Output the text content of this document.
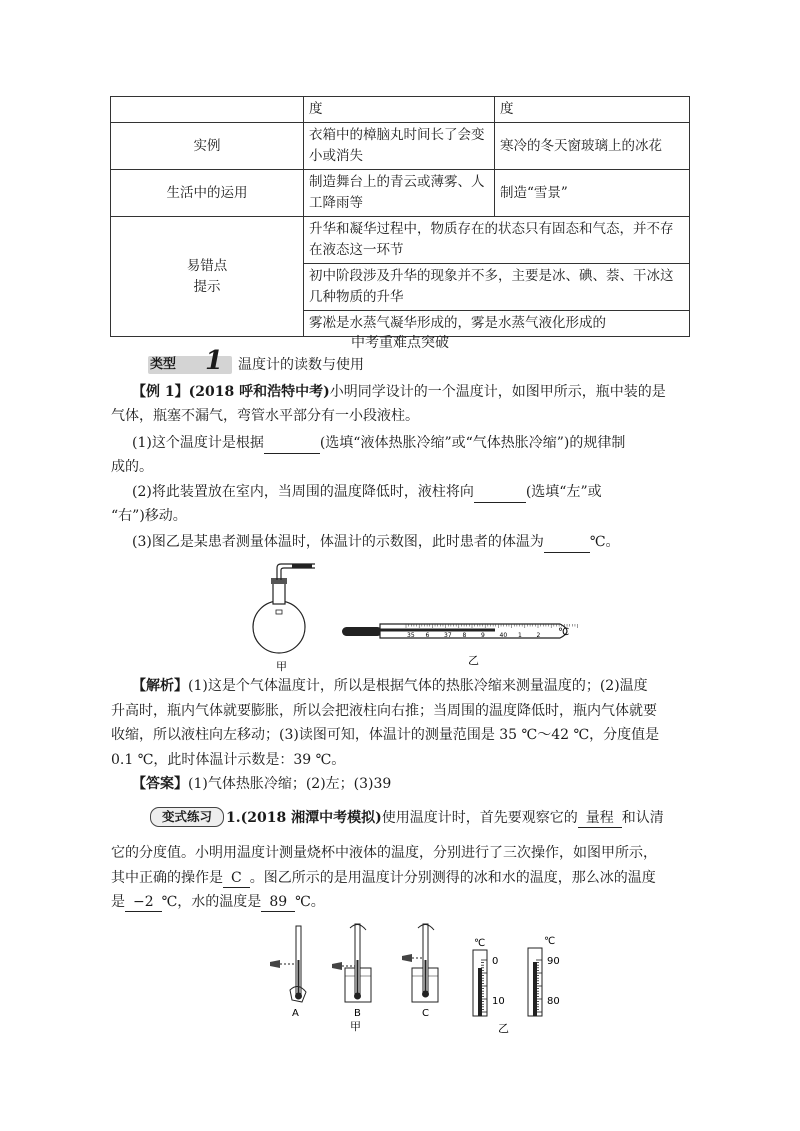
	度	度
实例	衣箱中的樟脑丸时间长了会变小或消失	寒冷的冬天窗玻璃上的冰花
生活中的运用	制造舞台上的青云或薄雾、人工降雨等	制造“雪景”

易错点
提示	升华和凝华过程中，物质存在的状态只有固态和气态，并不存在液态这一环节	
	初中阶段涉及升华的现象并不多，主要是冰、碘、萘、干冰这几种物质的升华	
	雾凇是水蒸气凝华形成的，雾是水蒸气液化形成的	
中考重难点突破
类型 1 温度计的读数与使用
【例 1】(2018 呼和浩特中考)小明同学设计的一个温度计，如图甲所示，瓶中装的是
气体，瓶塞不漏气，弯管水平部分有一小段液柱。
(1)这个温度计是根据	(选填“液体热胀冷缩”或“气体热胀冷缩”)的规律制
成的。
(2)将此装置放在室内，当周围的温度降低时，液柱将向	(选填“左”或
“右”)移动。
(3)图乙是某患者测量体温时，体温计的示数图，此时患者的体温为	℃。
甲
35 6 37 8 9 40 1 2 ℃
乙
【解析】(1)这是个气体温度计，所以是根据气体的热胀冷缩来测量温度的；(2)温度
升高时，瓶内气体就要膨胀，所以会把液柱向右推；当周围的温度降低时，瓶内气体就要
收缩，所以液柱向左移动；(3)读图可知，体温计的测量范围是 35 ℃～42 ℃，分度值是
0.1 ℃，此时体温计示数是：39 ℃。
【答案】(1)气体热胀冷缩；(2)左；(3)39
变式练习	1.(2018 湘潭中考模拟)使用温度计时，首先要观察它的 量程 和认清
它的分度值。小明用温度计测量烧杯中液体的温度，分别进行了三次操作，如图甲所示，
其中正确的操作是 C 。图乙所示的是用温度计分别测得的冰和水的温度，那么冰的温度
是 −2 ℃，水的温度是 89 ℃。
A	B
甲
C
℃
0
10
℃
90
80
乙
